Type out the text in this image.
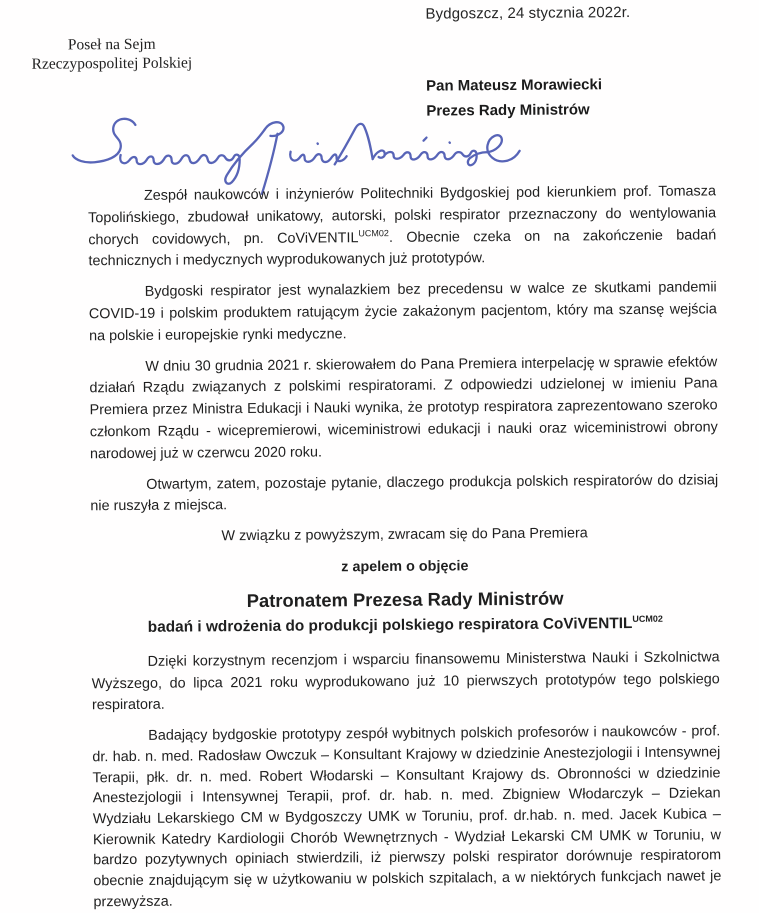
Bydgoszcz, 24 stycznia 2022r.
Poseł na Sejm
Rzeczypospolitej Polskiej
Pan Mateusz Morawiecki
Prezes Rady Ministrów

Zespół naukowców i inżynierów Politechniki Bydgoskiej pod kierunkiem prof. Tomasza Topolińskiego, zbudował unikatowy, autorski, polski respirator przeznaczony do wentylowania chorych covidowych, pn. CoViVENTIL$^{UCM02}$. Obecnie czeka on na zakończenie badań technicznych i medycznych wyprodukowanych już prototypów.

Bydgoski respirator jest wynalazkiem bez precedensu w walce ze skutkami pandemii COVID-19 i polskim produktem ratującym życie zakażonym pacjentom, który ma szansę wejścia na polskie i europejskie rynki medyczne.

W dniu 30 grudnia 2021 r. skierowałem do Pana Premiera interpelację w sprawie efektów działań Rządu związanych z polskimi respiratorami. Z odpowiedzi udzielonej w imieniu Pana Premiera przez Ministra Edukacji i Nauki wynika, że prototyp respiratora zaprezentowano szeroko członkom Rządu - wicepremierowi, wiceministrowi edukacji i nauki oraz wiceministrowi obrony narodowej już w czerwcu 2020 roku.

Otwartym, zatem, pozostaje pytanie, dlaczego produkcja polskich respiratorów do dzisiaj nie ruszyła z miejsca.

W związku z powyższym, zwracam się do Pana Premiera

z apelem o objęcie

Patronatem Prezesa Rady Ministrów

badań i wdrożenia do produkcji polskiego respiratora CoViVENTIL$^{UCM02}$

Dzięki korzystnym recenzjom i wsparciu finansowemu Ministerstwa Nauki i Szkolnictwa Wyższego, do lipca 2021 roku wyprodukowano już 10 pierwszych prototypów tego polskiego respiratora.

Badający bydgoskie prototypy zespół wybitnych polskich profesorów i naukowców - prof. dr. hab. n. med. Radosław Owczuk – Konsultant Krajowy w dziedzinie Anestezjologii i Intensywnej Terapii, płk. dr. n. med. Robert Włodarski – Konsultant Krajowy ds. Obronności w dziedzinie Anestezjologii i Intensywnej Terapii, prof. dr. hab. n. med. Zbigniew Włodarczyk – Dziekan Wydziału Lekarskiego CM w Bydgoszczy UMK w Toruniu, prof. dr.hab. n. med. Jacek Kubica – Kierownik Katedry Kardiologii Chorób Wewnętrznych - Wydział Lekarski CM UMK w Toruniu, w bardzo pozytywnych opiniach stwierdzili, iż pierwszy polski respirator dorównuje respiratorom obecnie znajdującym się w użytkowaniu w polskich szpitalach, a w niektórych funkcjach nawet je przewyższa.
